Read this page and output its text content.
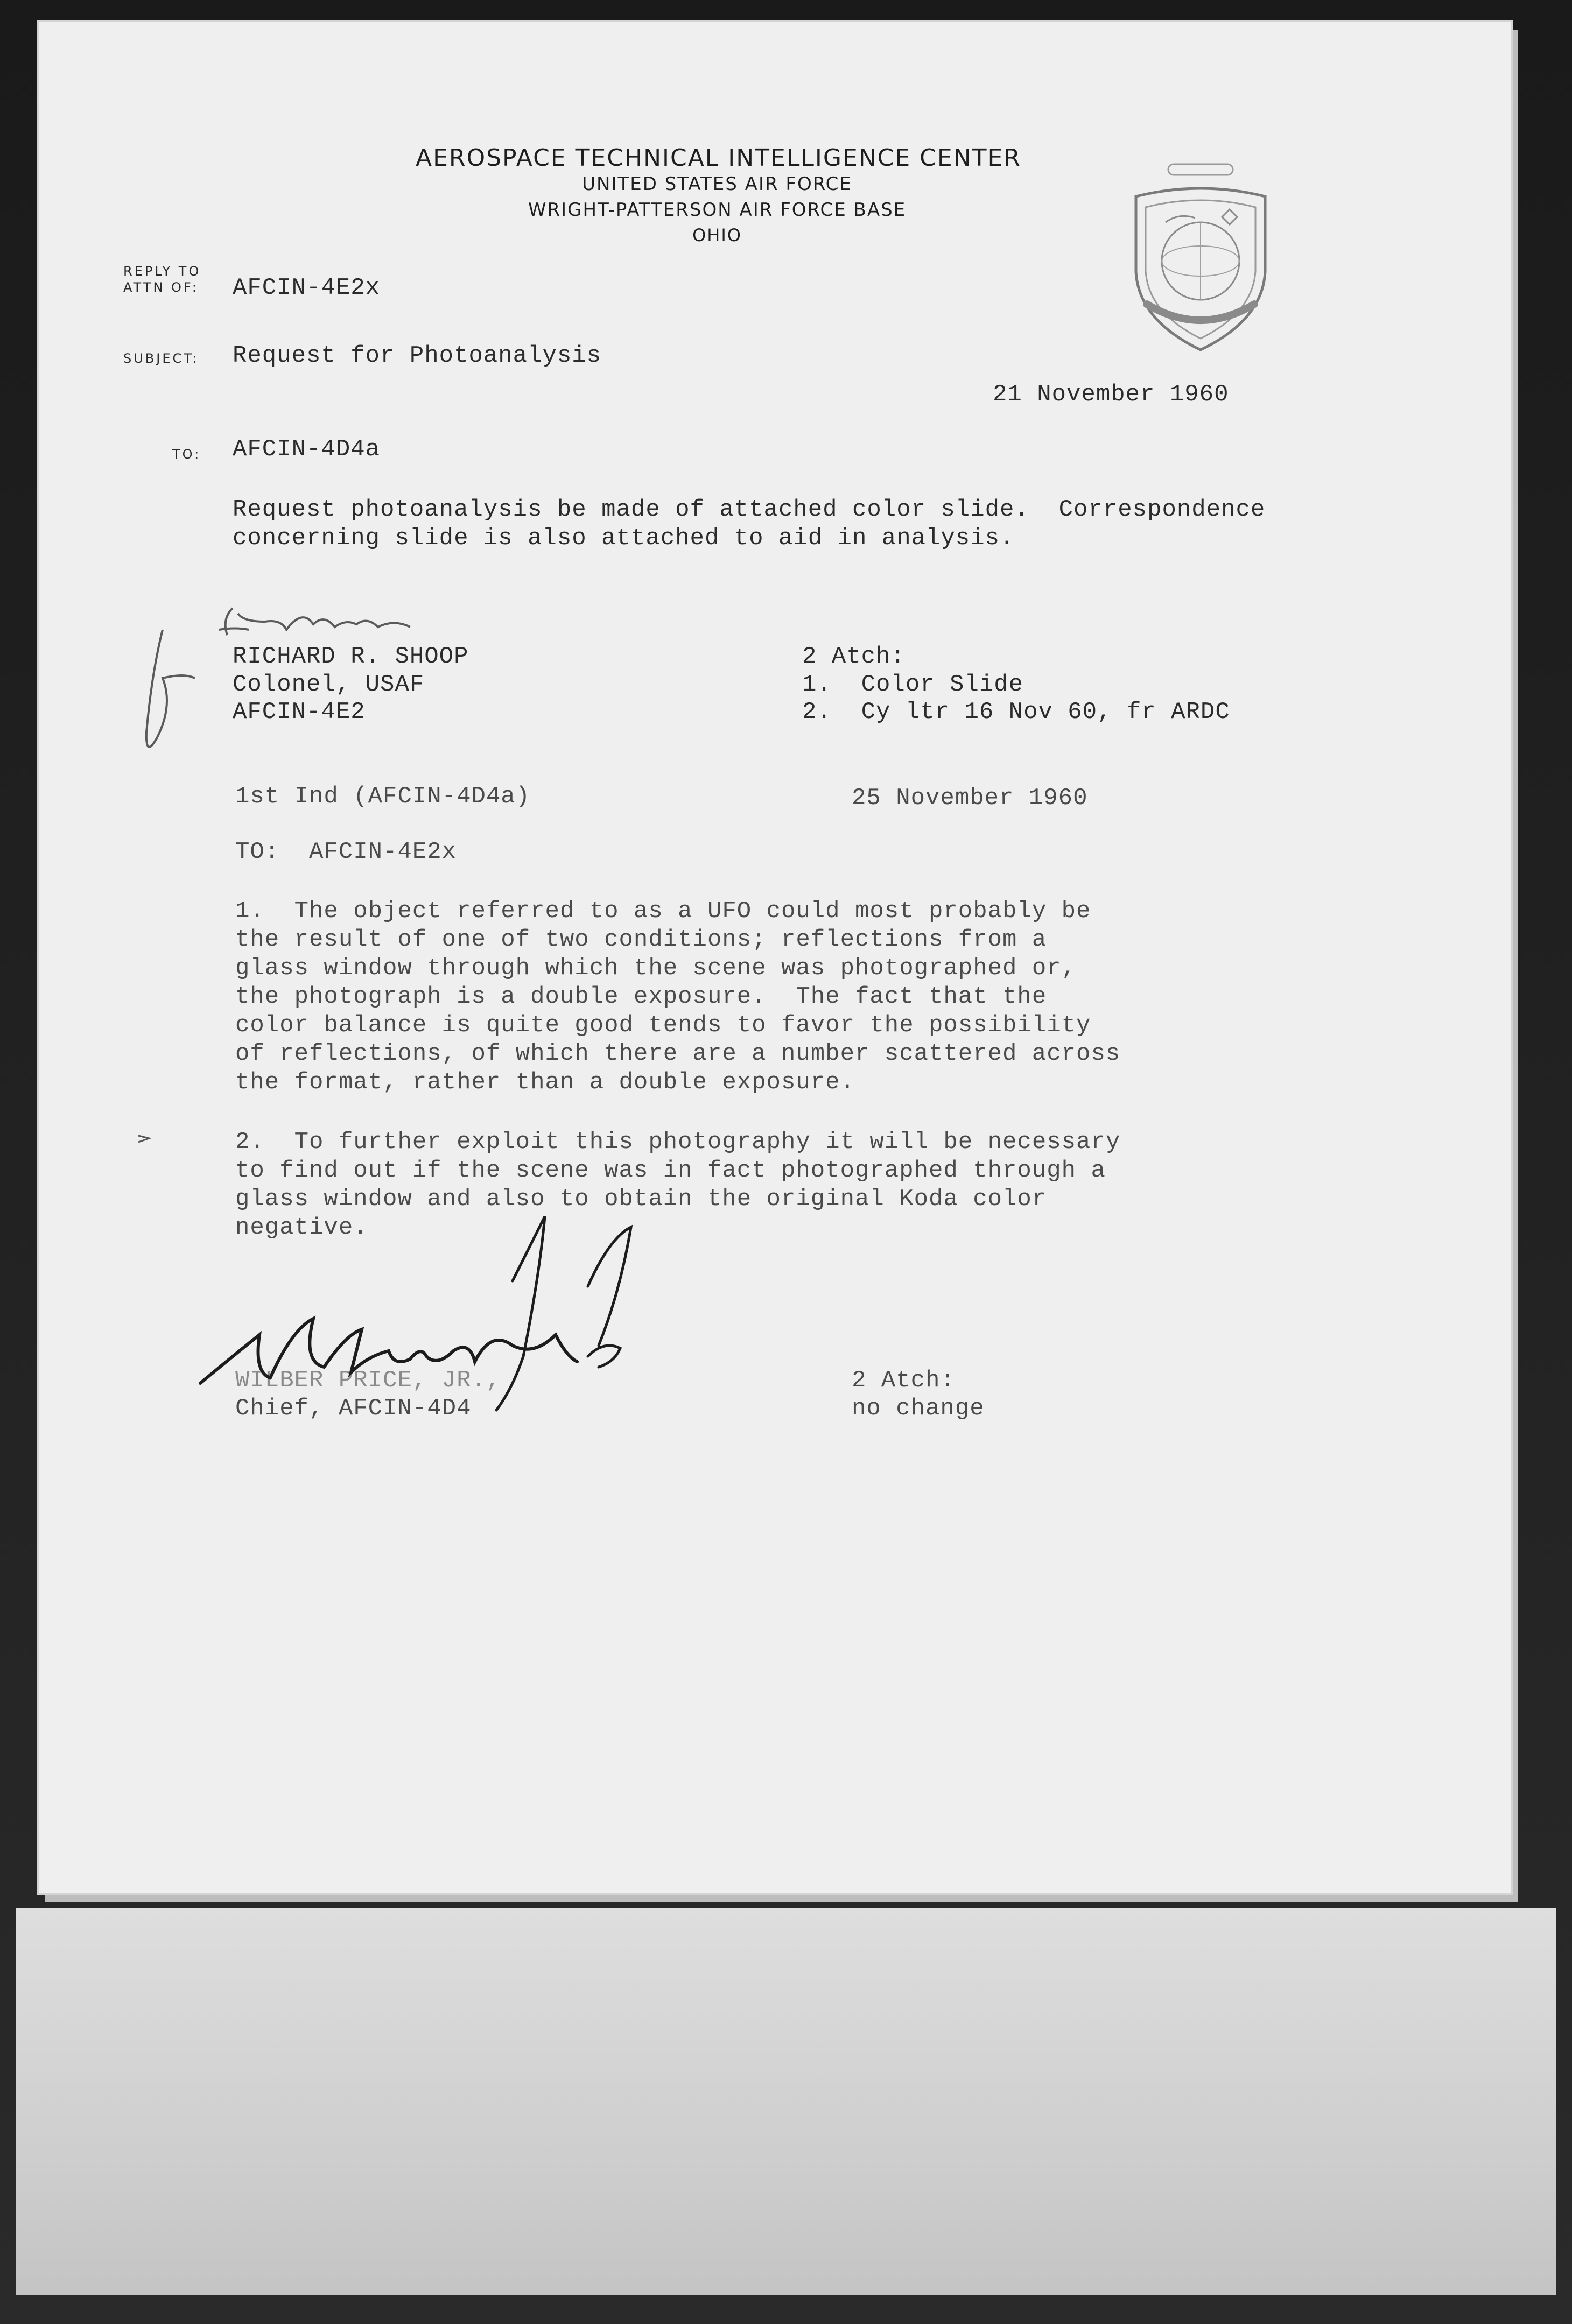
AEROSPACE TECHNICAL INTELLIGENCE CENTER
UNITED STATES AIR FORCE
WRIGHT-PATTERSON AIR FORCE BASE
OHIO
REPLY TO
ATTN OF: AFCIN-4E2x
SUBJECT: Request for Photoanalysis
21 November 1960
TO: AFCIN-4D4a
Request photoanalysis be made of attached color slide.  Correspondence
concerning slide is also attached to aid in analysis.
RICHARD R. SHOOP
Colonel, USAF
AFCIN-4E2
2 Atch:
1.  Color Slide
2.  Cy ltr 16 Nov 60, fr ARDC
1st Ind (AFCIN-4D4a)	25 November 1960
TO:  AFCIN-4E2x
1.  The object referred to as a UFO could most probably be
the result of one of two conditions; reflections from a
glass window through which the scene was photographed or,
the photograph is a double exposure.  The fact that the
color balance is quite good tends to favor the possibility
of reflections, of which there are a number scattered across
the format, rather than a double exposure.
2.  To further exploit this photography it will be necessary
to find out if the scene was in fact photographed through a
glass window and also to obtain the original Koda color
negative.
WILBER PRICE, JR.,
Chief, AFCIN-4D4
2 Atch:
no change
